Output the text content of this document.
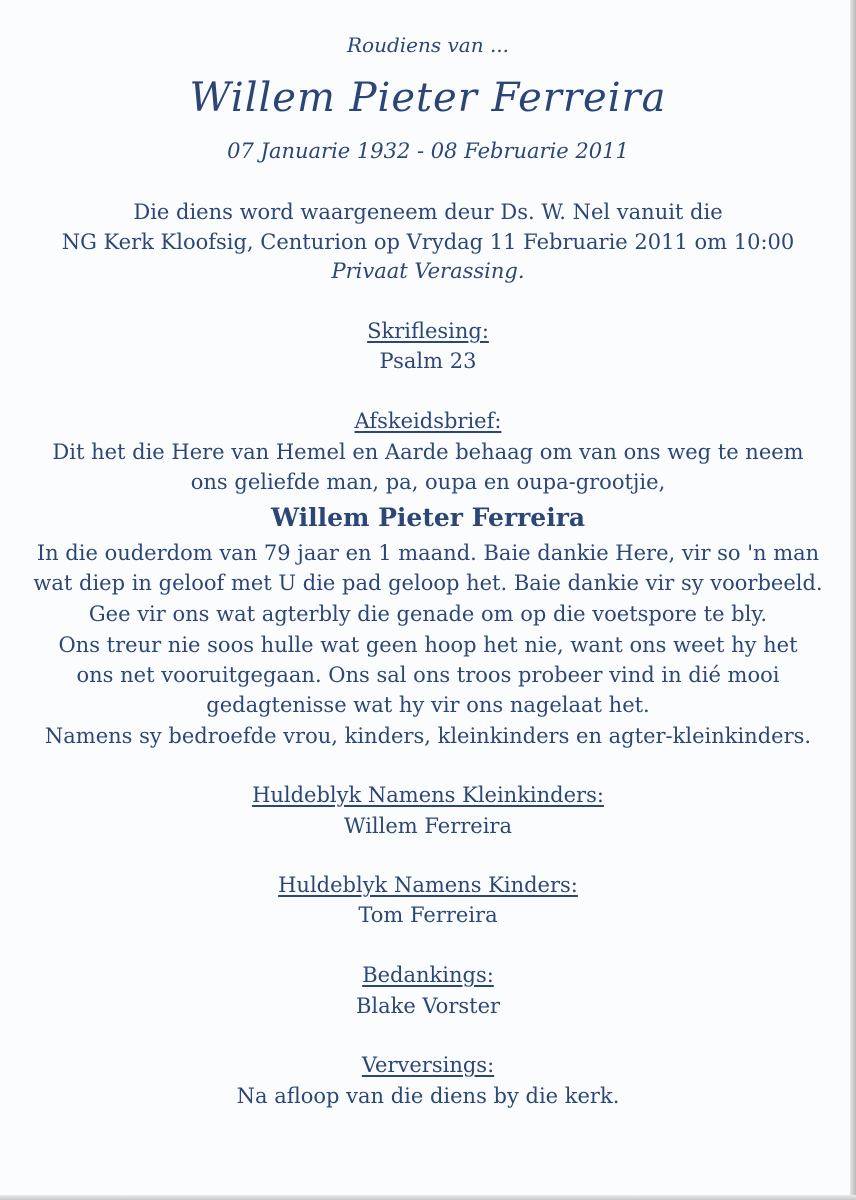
Roudiens van ...
Willem Pieter Ferreira
07 Januarie 1932 - 08 Februarie 2011
Die diens word waargeneem deur Ds. W. Nel vanuit die
NG Kerk Kloofsig, Centurion op Vrydag 11 Februarie 2011 om 10:00
Privaat Verassing.
Skriflesing:
Psalm 23
Afskeidsbrief:
Dit het die Here van Hemel en Aarde behaag om van ons weg te neem
ons geliefde man, pa, oupa en oupa-grootjie,
Willem Pieter Ferreira
In die ouderdom van 79 jaar en 1 maand. Baie dankie Here, vir so 'n man
wat diep in geloof met U die pad geloop het. Baie dankie vir sy voorbeeld.
Gee vir ons wat agterbly die genade om op die voetspore te bly.
Ons treur nie soos hulle wat geen hoop het nie, want ons weet hy het
ons net vooruitgegaan. Ons sal ons troos probeer vind in dié mooi
gedagtenisse wat hy vir ons nagelaat het.
Namens sy bedroefde vrou, kinders, kleinkinders en agter-kleinkinders.
Huldeblyk Namens Kleinkinders:
Willem Ferreira
Huldeblyk Namens Kinders:
Tom Ferreira
Bedankings:
Blake Vorster
Verversings:
Na afloop van die diens by die kerk.
